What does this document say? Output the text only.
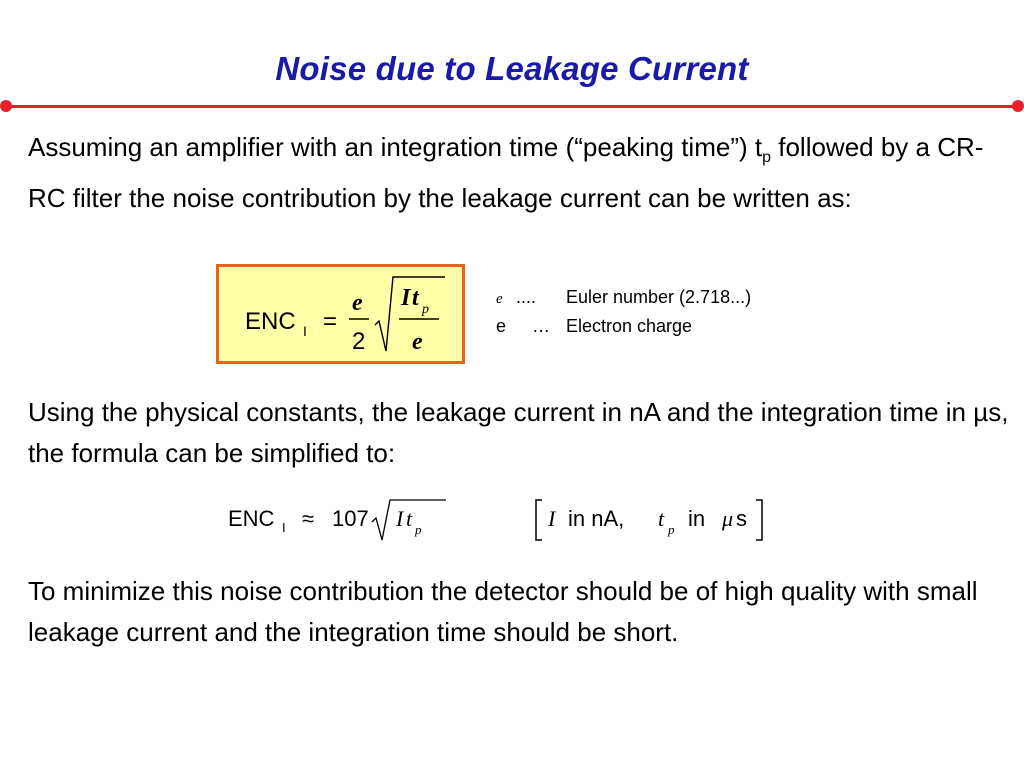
Noise due to Leakage Current
Assuming an amplifier with an integration time (“peaking time”) $t_p$ followed by a CR-RC filter the noise contribution by the leakage current can be written as:
ENC I =
e
2
I t p
e
e ....	Euler number (2.718...)
e	… Electron charge
Using the physical constants, the leakage current in nA and the integration time in µs, the formula can be simplified to:
ENC I ≈ 107 I t p	I in nA, t p in μ s
To minimize this noise contribution the detector should be of high quality with small leakage current and the integration time should be short.
